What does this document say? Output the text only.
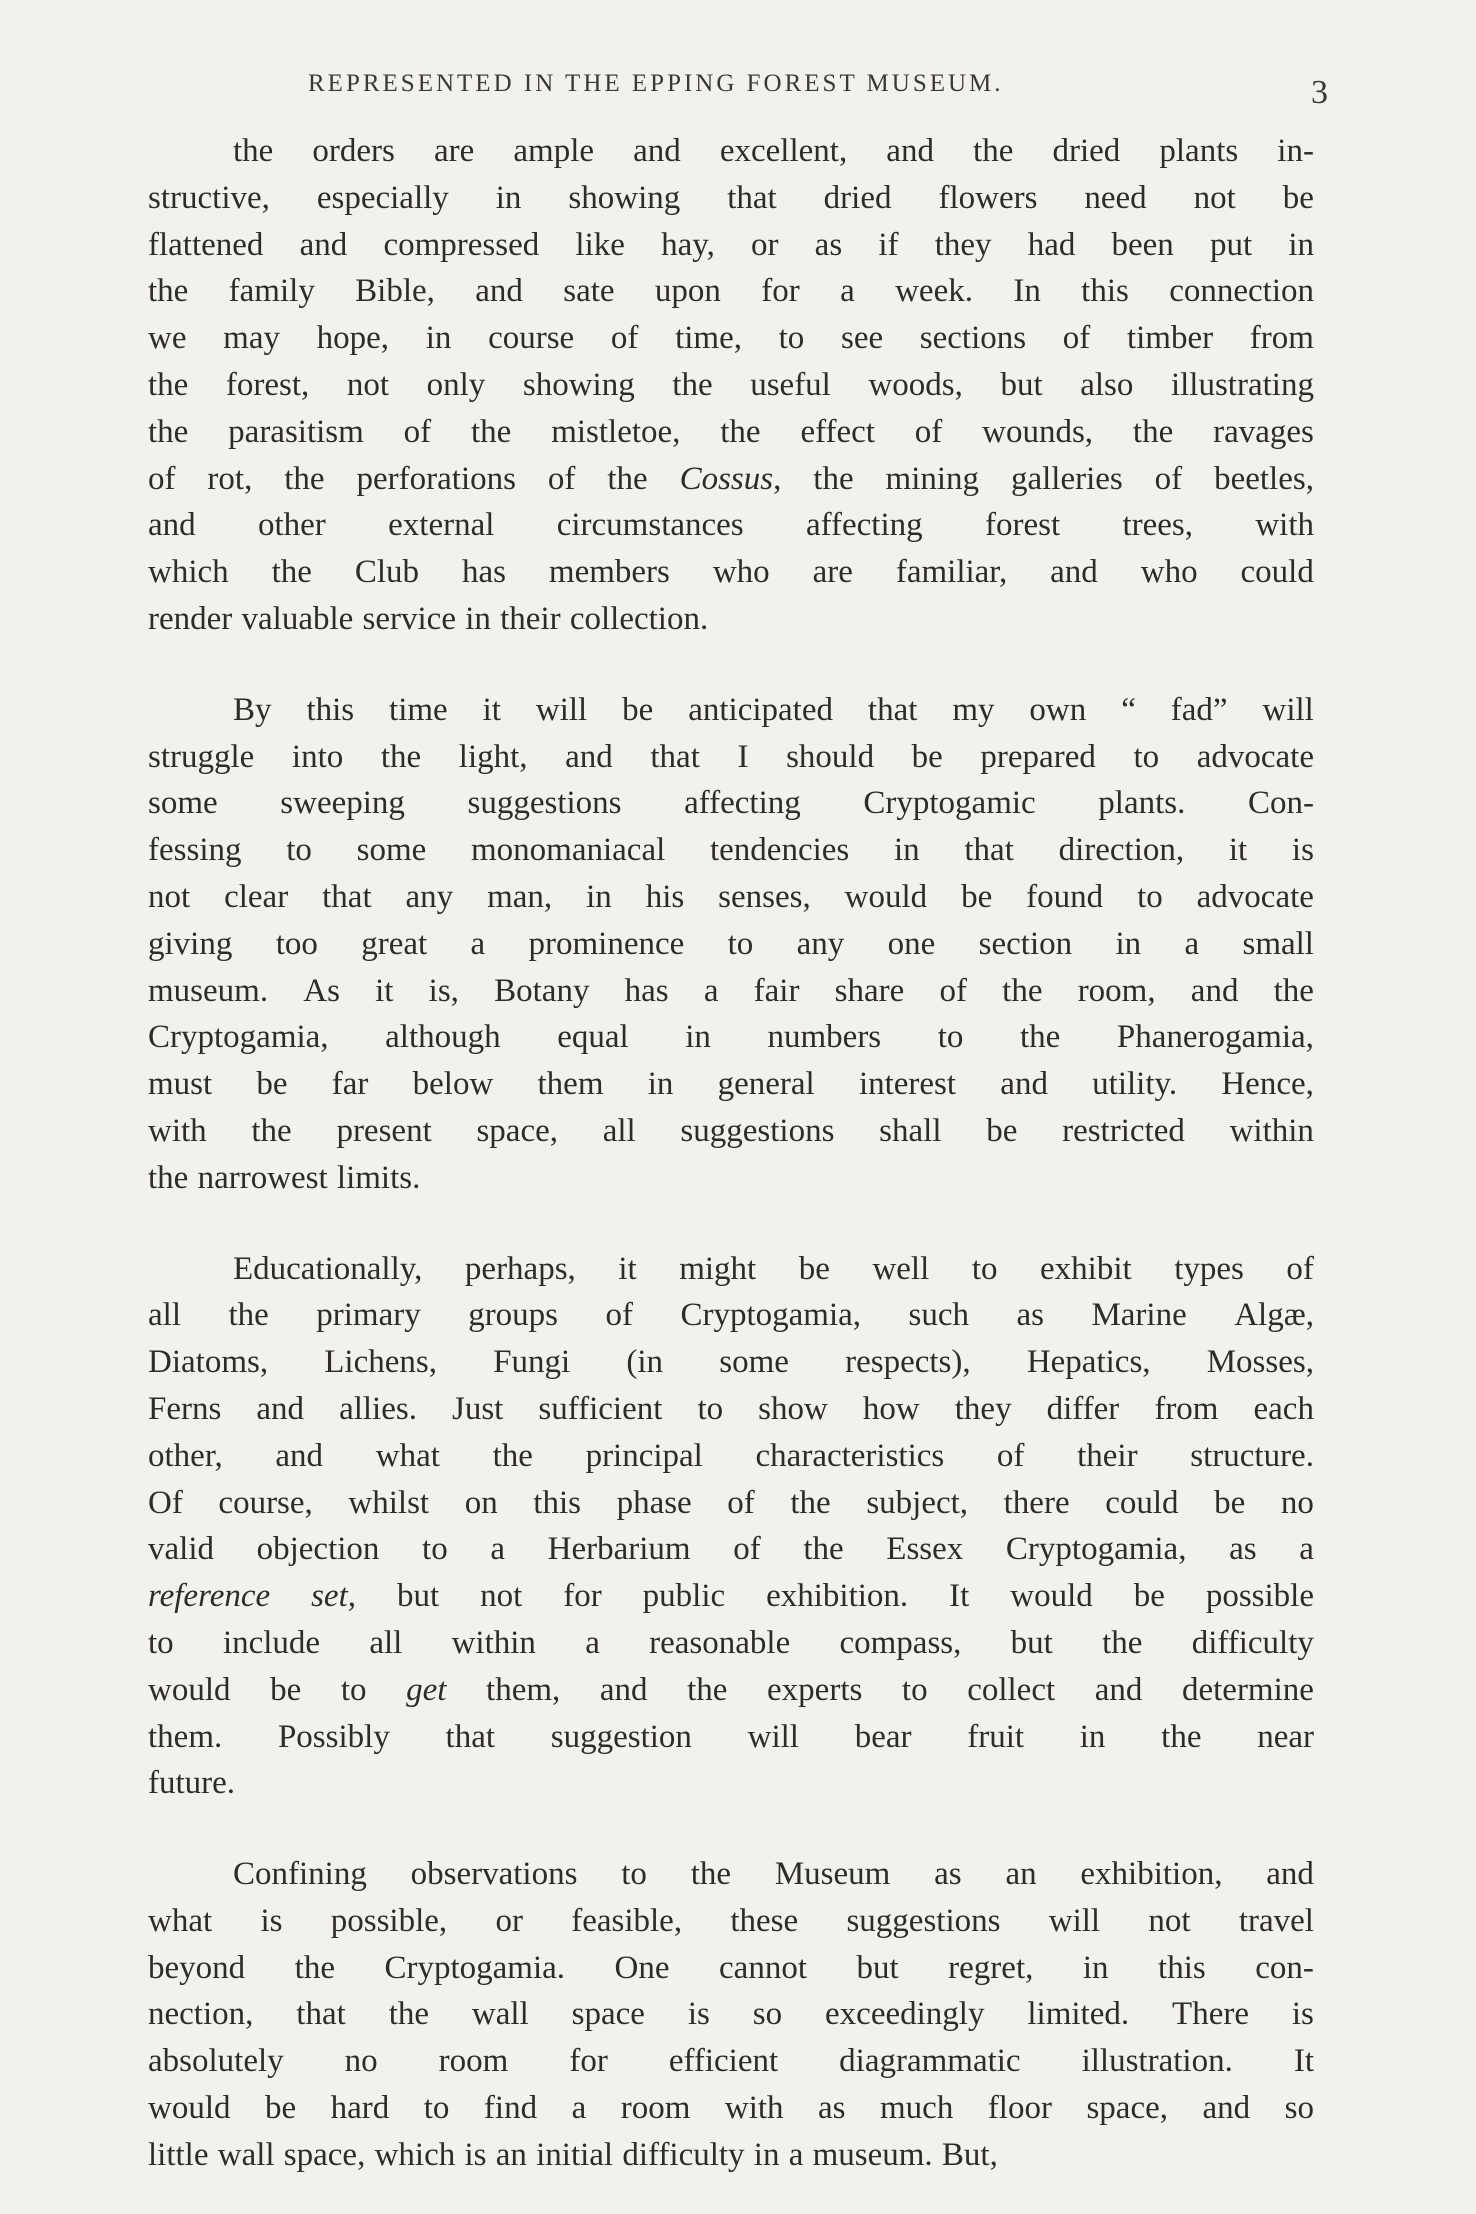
REPRESENTED IN THE EPPING FOREST MUSEUM.	3
the orders are ample and excellent, and the dried plants in-
structive, especially in showing that dried flowers need not be
flattened and compressed like hay, or as if they had been put in
the family Bible, and sate upon for a week. In this connection
we may hope, in course of time, to see sections of timber from
the forest, not only showing the useful woods, but also illustrating
the parasitism of the mistletoe, the effect of wounds, the ravages
of rot, the perforations of the Cossus, the mining galleries of beetles,
and other external circumstances affecting forest trees, with
which the Club has members who are familiar, and who could
render valuable service in their collection.
By this time it will be anticipated that my own “ fad” will
struggle into the light, and that I should be prepared to advocate
some sweeping suggestions affecting Cryptogamic plants. Con-
fessing to some monomaniacal tendencies in that direction, it is
not clear that any man, in his senses, would be found to advocate
giving too great a prominence to any one section in a small
museum. As it is, Botany has a fair share of the room, and the
Cryptogamia, although equal in numbers to the Phanerogamia,
must be far below them in general interest and utility. Hence,
with the present space, all suggestions shall be restricted within
the narrowest limits.
Educationally, perhaps, it might be well to exhibit types of
all the primary groups of Cryptogamia, such as Marine Algæ,
Diatoms, Lichens, Fungi (in some respects), Hepatics, Mosses,
Ferns and allies. Just sufficient to show how they differ from each
other, and what the principal characteristics of their structure.
Of course, whilst on this phase of the subject, there could be no
valid objection to a Herbarium of the Essex Cryptogamia, as a
reference set, but not for public exhibition. It would be possible
to include all within a reasonable compass, but the difficulty
would be to get them, and the experts to collect and determine
them. Possibly that suggestion will bear fruit in the near
future.
Confining observations to the Museum as an exhibition, and
what is possible, or feasible, these suggestions will not travel
beyond the Cryptogamia. One cannot but regret, in this con-
nection, that the wall space is so exceedingly limited. There is
absolutely no room for efficient diagrammatic illustration. It
would be hard to find a room with as much floor space, and so
little wall space, which is an initial difficulty in a museum. But,
